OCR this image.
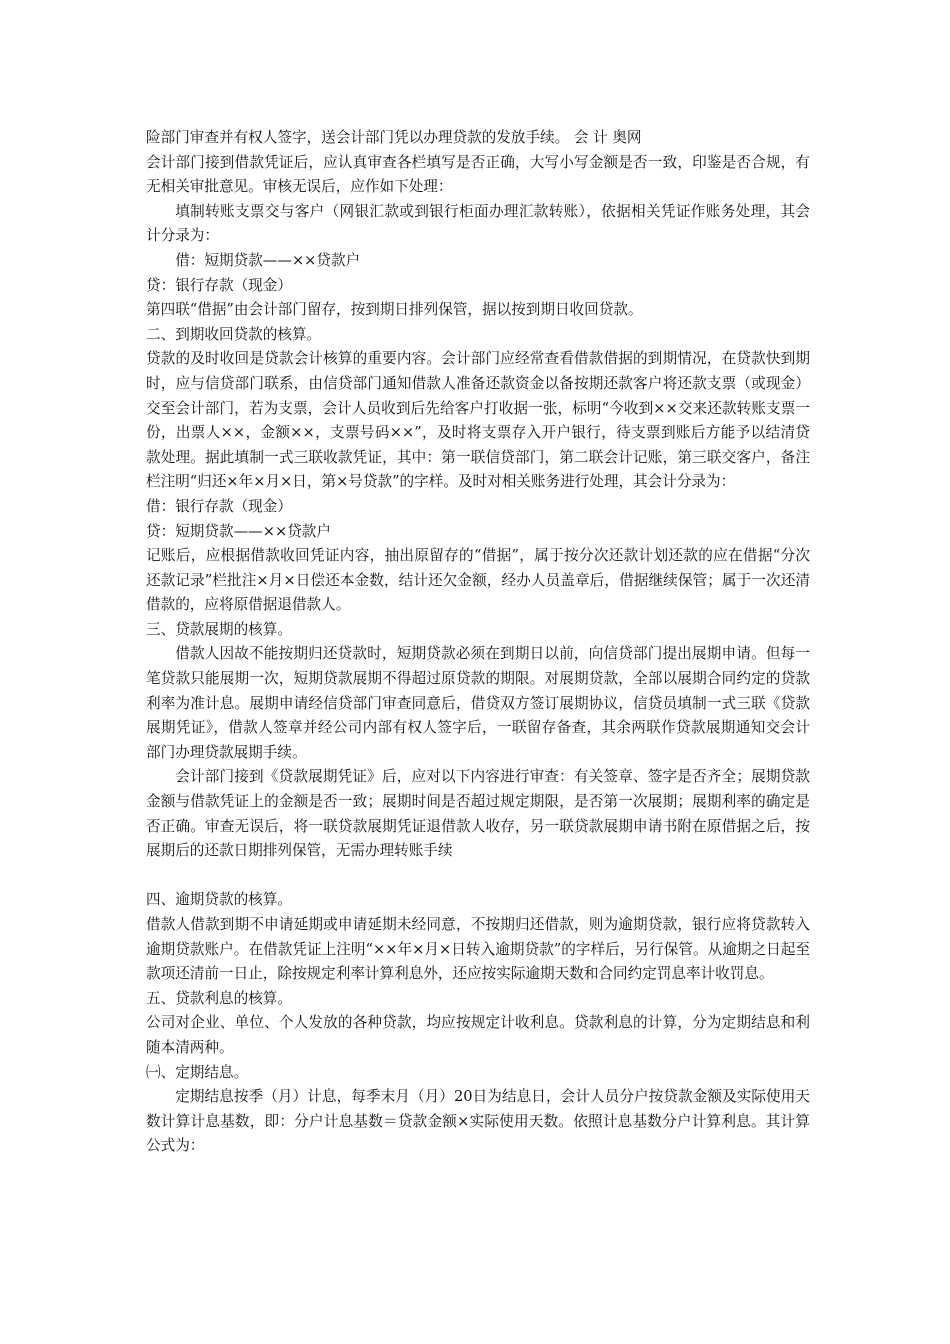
险部门审查并有权人签字，送会计部门凭以办理贷款的发放手续。 会 计 奥网

会计部门接到借款凭证后，应认真审查各栏填写是否正确，大写小写金额是否一致，印鉴是否合规，有无相关审批意见。审核无误后，应作如下处理：

填制转账支票交与客户（网银汇款或到银行柜面办理汇款转账），依据相关凭证作账务处理，其会计分录为：

借：短期贷款——××贷款户

贷：银行存款（现金）

第四联“借据”由会计部门留存，按到期日排列保管，据以按到期日收回贷款。

二、到期收回贷款的核算。

贷款的及时收回是贷款会计核算的重要内容。会计部门应经常查看借款借据的到期情况，在贷款快到期时，应与信贷部门联系，由信贷部门通知借款人准备还款资金以备按期还款客户将还款支票（或现金）交至会计部门，若为支票，会计人员收到后先给客户打收据一张，标明“今收到××交来还款转账支票一份，出票人××，金额××，支票号码××”，及时将支票存入开户银行，待支票到账后方能予以结清贷款处理。据此填制一式三联收款凭证，其中：第一联信贷部门，第二联会计记账，第三联交客户，备注栏注明“归还×年×月×日，第×号贷款”的字样。及时对相关账务进行处理，其会计分录为：

借：银行存款（现金）

贷：短期贷款——××贷款户

记账后，应根据借款收回凭证内容，抽出原留存的“借据”，属于按分次还款计划还款的应在借据“分次还款记录”栏批注×月×日偿还本金数，结计还欠金额，经办人员盖章后，借据继续保管；属于一次还清借款的，应将原借据退借款人。

三、贷款展期的核算。

借款人因故不能按期归还贷款时，短期贷款必须在到期日以前，向信贷部门提出展期申请。但每一笔贷款只能展期一次，短期贷款展期不得超过原贷款的期限。对展期贷款，全部以展期合同约定的贷款利率为准计息。展期申请经信贷部门审查同意后，借贷双方签订展期协议，信贷员填制一式三联《贷款展期凭证》，借款人签章并经公司内部有权人签字后，一联留存备查，其余两联作贷款展期通知交会计部门办理贷款展期手续。

会计部门接到《贷款展期凭证》后，应对以下内容进行审查：有关签章、签字是否齐全；展期贷款金额与借款凭证上的金额是否一致；展期时间是否超过规定期限，是否第一次展期；展期利率的确定是否正确。审查无误后，将一联贷款展期凭证退借款人收存，另一联贷款展期申请书附在原借据之后，按展期后的还款日期排列保管，无需办理转账手续

四、逾期贷款的核算。

借款人借款到期不申请延期或申请延期未经同意，不按期归还借款，则为逾期贷款，银行应将贷款转入逾期贷款账户。在借款凭证上注明“××年×月×日转入逾期贷款”的字样后，另行保管。从逾期之日起至款项还清前一日止，除按规定利率计算利息外，还应按实际逾期天数和合同约定罚息率计收罚息。

五、贷款利息的核算。

公司对企业、单位、个人发放的各种贷款，均应按规定计收利息。贷款利息的计算，分为定期结息和利随本清两种。

㈠、定期结息。

定期结息按季（月）计息，每季末月（月）20日为结息日，会计人员分户按贷款金额及实际使用天数计算计息基数，即：分户计息基数＝贷款金额×实际使用天数。依照计息基数分户计算利息。其计算公式为：
